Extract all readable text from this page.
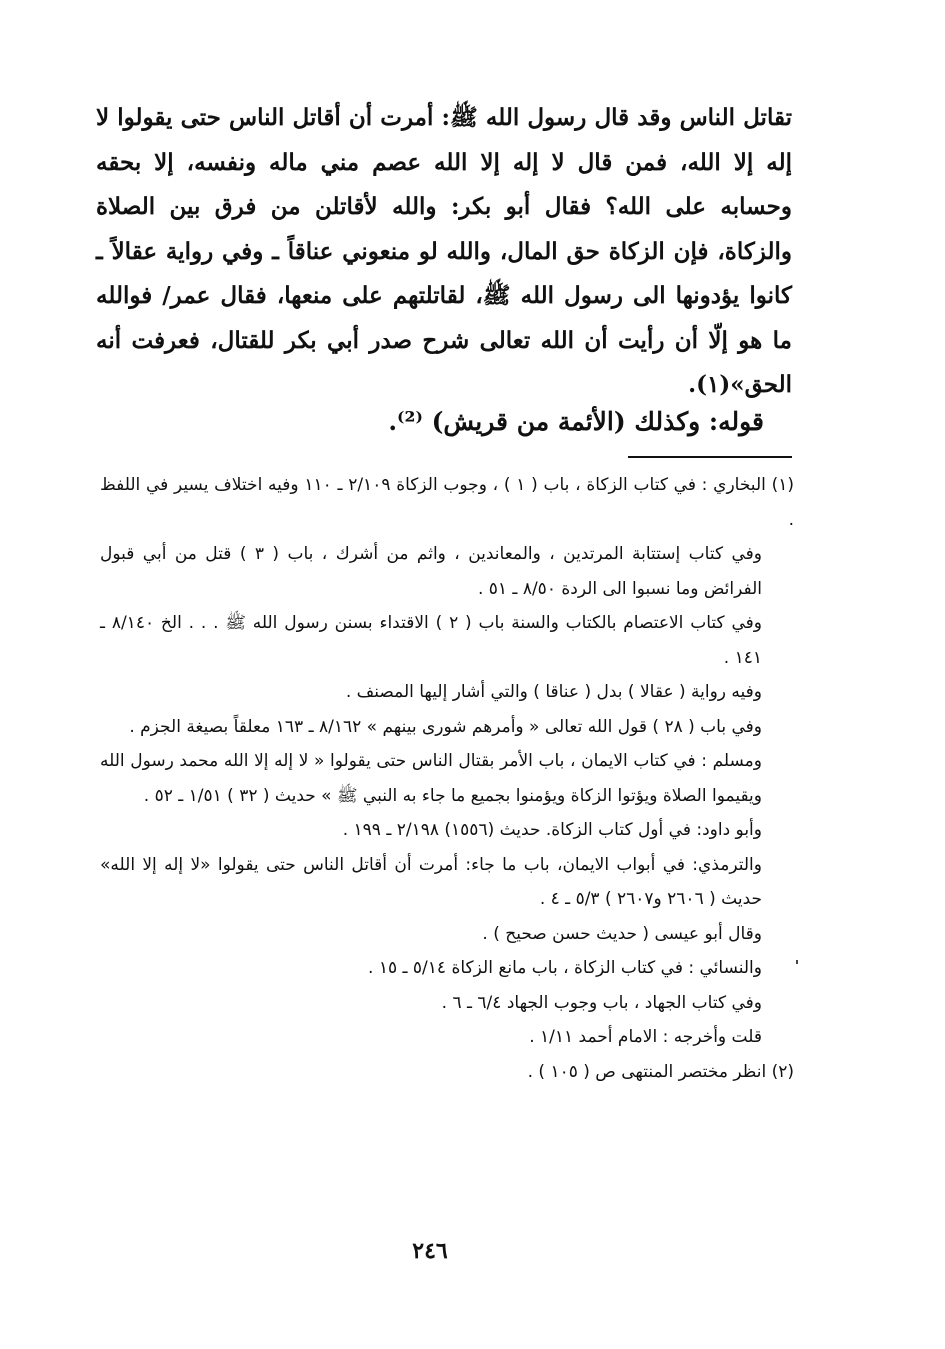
تقاتل الناس وقد قال رسول الله ﷺ: أمرت أن أقاتل الناس حتى يقولوا لا إله إلا الله، فمن قال لا إله إلا الله عصم مني ماله ونفسه، إلا بحقه وحسابه على الله؟ فقال أبو بكر: والله لأقاتلن من فرق بين الصلاة والزكاة، فإن الزكاة حق المال، والله لو منعوني عناقاً ـ وفي رواية عقالاً ـ كانوا يؤدونها الى رسول الله ﷺ، لقاتلتهم على منعها، فقال عمر/ فوالله ما هو إلّا أن رأيت أن الله تعالى شرح صدر أبي بكر للقتال، فعرفت أنه الحق»(١).

قوله: وكذلك (الأئمة من قريش) ⁽²⁾.

(١) البخاري : في كتاب الزكاة ، باب ( ١ ) ، وجوب الزكاة ٢/١٠٩ ـ ١١٠ وفيه اختلاف يسير في اللفظ .

وفي كتاب إستتابة المرتدين ، والمعاندين ، واثم من أشرك ، باب ( ٣ ) قتل من أبي قبول الفرائض وما نسبوا الى الردة ٨/٥٠ ـ ٥١ .

وفي كتاب الاعتصام بالكتاب والسنة باب ( ٢ ) الاقتداء بسنن رسول الله ﷺ . . . الخ ٨/١٤٠ ـ ١٤١ .

وفيه رواية ( عقالا ) بدل ( عناقا ) والتي أشار إليها المصنف .

وفي باب ( ٢٨ ) قول الله تعالى « وأمرهم شورى بينهم » ٨/١٦٢ ـ ١٦٣ معلقاً بصيغة الجزم .

ومسلم : في كتاب الايمان ، باب الأمر بقتال الناس حتى يقولوا « لا إله إلا الله محمد رسول الله ويقيموا الصلاة ويؤتوا الزكاة ويؤمنوا بجميع ما جاء به النبي ﷺ » حديث ( ٣٢ ) ١/٥١ ـ ٥٢ .

وأبو داود: في أول كتاب الزكاة. حديث (١٥٥٦) ٢/١٩٨ ـ ١٩٩ .

والترمذي: في أبواب الايمان، باب ما جاء: أمرت أن أقاتل الناس حتى يقولوا «لا إله إلا الله» حديث ( ٢٦٠٦ و٢٦٠٧ ) ٥/٣ ـ ٤ .

وقال أبو عيسى ( حديث حسن صحيح ) .

والنسائي : في كتاب الزكاة ، باب مانع الزكاة ٥/١٤ ـ ١٥ .

وفي كتاب الجهاد ، باب وجوب الجهاد ٦/٤ ـ ٦ .

قلت وأخرجه : الامام أحمد ١/١١ .

(٢) انظر مختصر المنتهى ص ( ١٠٥ ) .

٢٤٦
